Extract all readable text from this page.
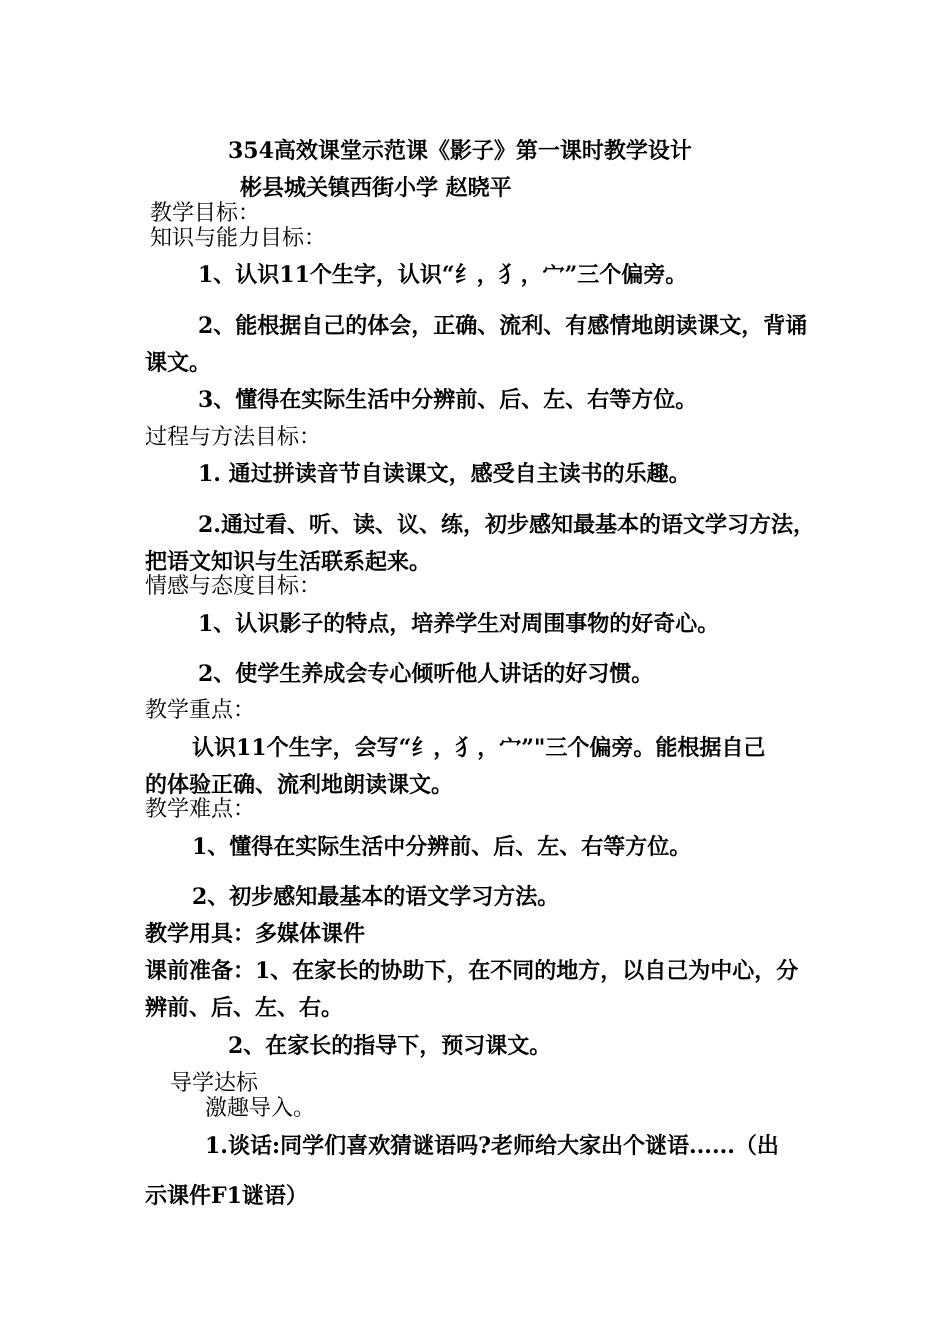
354高效课堂示范课《影子》第一课时教学设计
彬县城关镇西街小学 赵晓平
教学目标：
知识与能力目标：
1、认识11个生字，认识“纟，犭，宀”三个偏旁。
2、能根据自己的体会，正确、流利、有感情地朗读课文，背诵
课文。
3、懂得在实际生活中分辨前、后、左、右等方位。
过程与方法目标：
1. 通过拼读音节自读课文，感受自主读书的乐趣。
2.通过看、听、读、议、练，初步感知最基本的语文学习方法，
把语文知识与生活联系起来。
情感与态度目标：
1、认识影子的特点，培养学生对周围事物的好奇心。
2、使学生养成会专心倾听他人讲话的好习惯。
教学重点：
认识11个生字，会写“纟，犭，宀”"三个偏旁。能根据自己
的体验正确、流利地朗读课文。
教学难点：
1、懂得在实际生活中分辨前、后、左、右等方位。
2、初步感知最基本的语文学习方法。
教学用具：多媒体课件
课前准备：1、在家长的协助下，在不同的地方，以自己为中心，分
辨前、后、左、右。
2、在家长的指导下，预习课文。
导学达标
激趣导入。
1.谈话:同学们喜欢猜谜语吗?老师给大家出个谜语......（出
示课件F1谜语）
